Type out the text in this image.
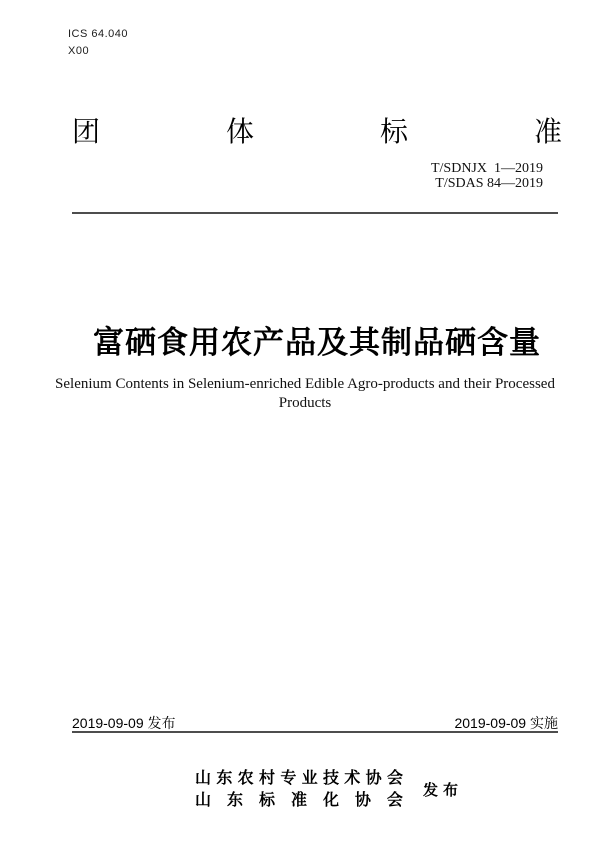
ICS 64.040
X00
团	体	标	准
T/SDNJX  1—2019
T/SDAS 84—2019
富硒食用农产品及其制品硒含量
Selenium Contents in Selenium-enriched Edible Agro-products and their Processed Products
2019-09-09 发布	2019-09-09 实施
山 东 农 村 专 业 技 术 协 会
山 东 标 准 化 协 会
发 布
